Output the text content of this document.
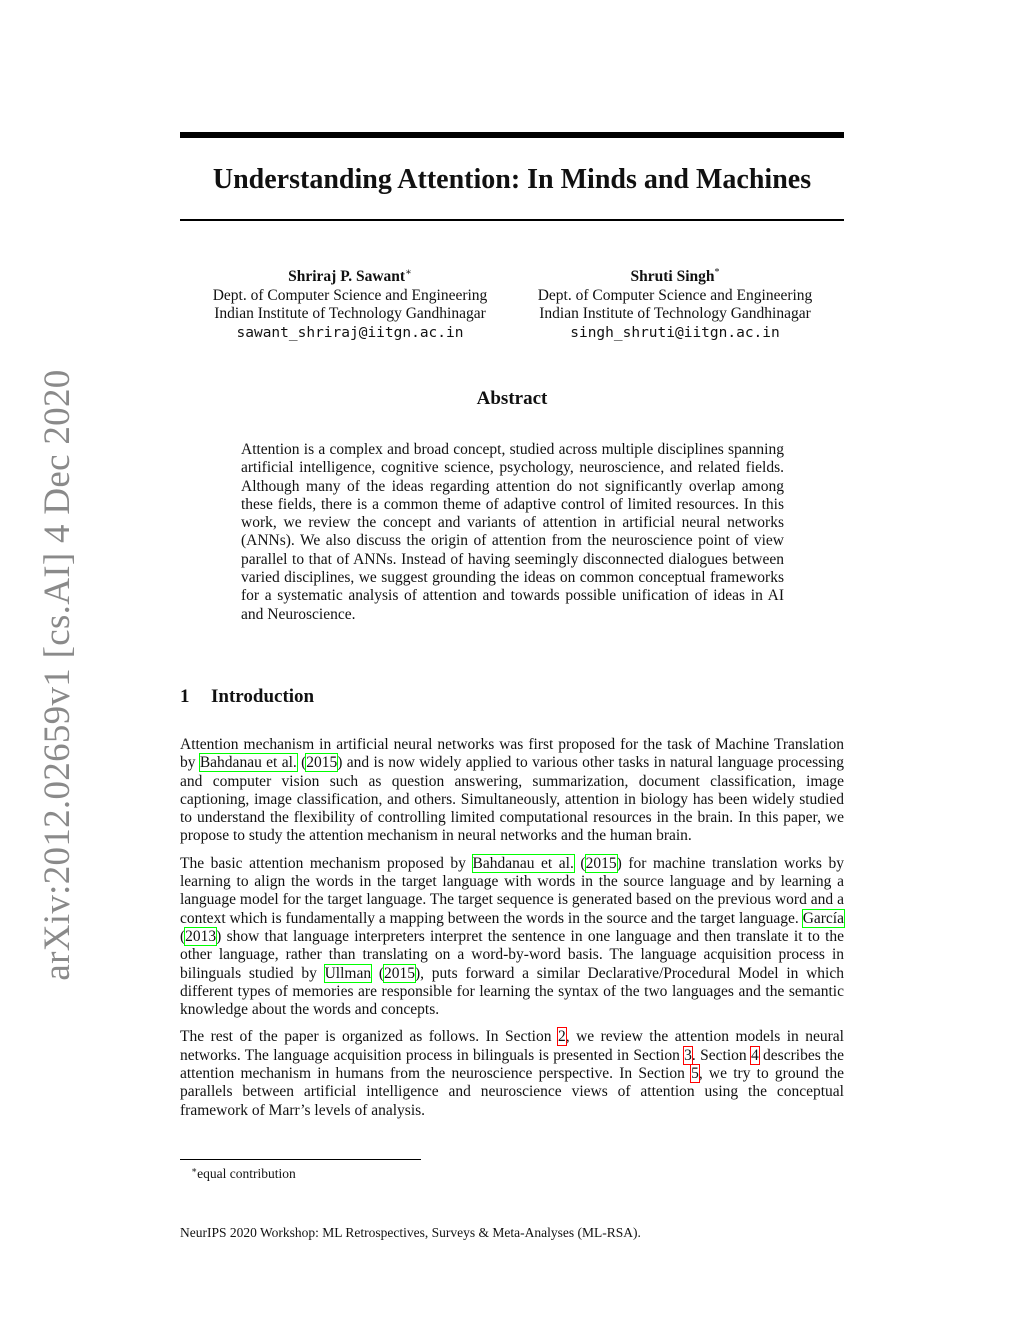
arXiv:2012.02659v1 [cs.AI] 4 Dec 2020
Understanding Attention: In Minds and Machines
Shriraj P. Sawant∗
Dept. of Computer Science and Engineering
Indian Institute of Technology Gandhinagar
sawant_shriraj@iitgn.ac.in
Shruti Singh*
Dept. of Computer Science and Engineering
Indian Institute of Technology Gandhinagar
singh_shruti@iitgn.ac.in
Abstract

Attention is a complex and broad concept, studied across multiple disciplines spanning artificial intelligence, cognitive science, psychology, neuroscience, and related fields. Although many of the ideas regarding attention do not significantly overlap among these fields, there is a common theme of adaptive control of limited resources. In this work, we review the concept and variants of attention in artificial neural networks (ANNs). We also discuss the origin of attention from the neuroscience point of view parallel to that of ANNs. Instead of having seemingly disconnected dialogues between varied disciplines, we suggest grounding the ideas on common conceptual frameworks for a systematic analysis of attention and towards possible unification of ideas in AI and Neuroscience.

1 Introduction

Attention mechanism in artificial neural networks was first proposed for the task of Machine Translation by Bahdanau et al. (2015) and is now widely applied to various other tasks in natural language processing and computer vision such as question answering, summarization, document classification, image captioning, image classification, and others. Simultaneously, attention in biology has been widely studied to understand the flexibility of controlling limited computational resources in the brain. In this paper, we propose to study the attention mechanism in neural networks and the human brain.

The basic attention mechanism proposed by Bahdanau et al. (2015) for machine translation works by learning to align the words in the target language with words in the source language and by learning a language model for the target language. The target sequence is generated based on the previous word and a context which is fundamentally a mapping between the words in the source and the target language. García (2013) show that language interpreters interpret the sentence in one language and then translate it to the other language, rather than translating on a word-by-word basis. The language acquisition process in bilinguals studied by Ullman (2015), puts forward a similar Declarative/Procedural Model in which different types of memories are responsible for learning the syntax of the two languages and the semantic knowledge about the words and concepts.

The rest of the paper is organized as follows. In Section 2, we review the attention models in neural networks. The language acquisition process in bilinguals is presented in Section 3. Section 4 describes the attention mechanism in humans from the neuroscience perspective. In Section 5, we try to ground the parallels between artificial intelligence and neuroscience views of attention using the conceptual framework of Marr’s levels of analysis.

∗equal contribution
NeurIPS 2020 Workshop: ML Retrospectives, Surveys & Meta-Analyses (ML-RSA).
